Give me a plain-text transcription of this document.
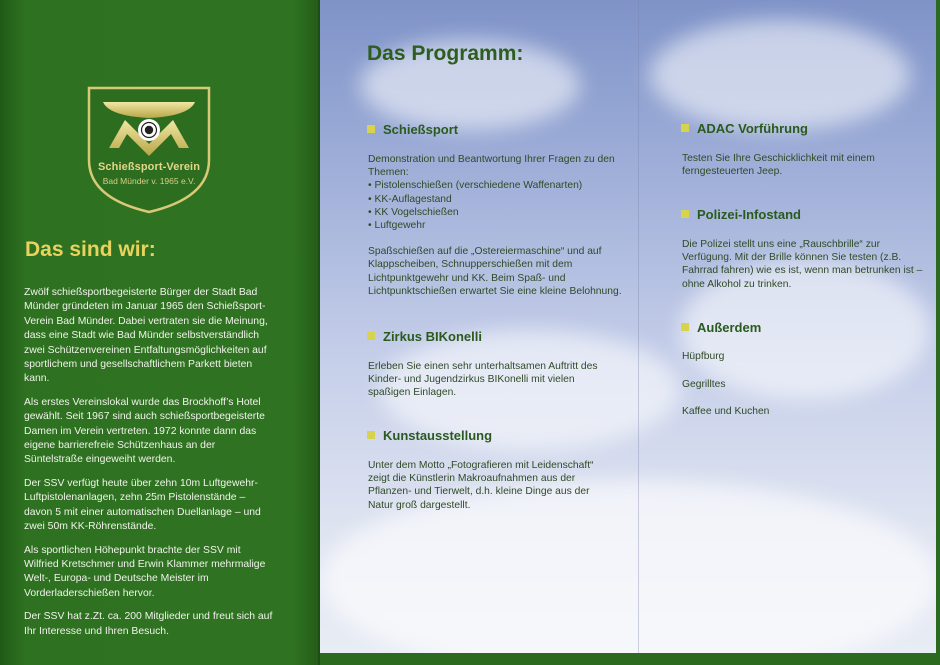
Schießsport-Verein
Bad Münder v. 1965 e.V.
Das sind wir:

Zwölf schießsportbegeisterte Bürger der Stadt Bad Münder gründeten im Januar 1965 den Schießsport-Verein Bad Münder. Dabei vertraten sie die Meinung, dass eine Stadt wie Bad Münder selbstverständlich zwei Schützenvereinen Entfaltungsmöglichkeiten auf sportlichem und gesellschaftlichem Parkett bieten kann.

Als erstes Vereinslokal wurde das Brockhoff’s Hotel gewählt. Seit 1967 sind auch schießsportbegeisterte Damen im Verein vertreten. 1972 konnte dann das eigene barrierefreie Schützenhaus an der Süntelstraße eingeweiht werden.

Der SSV verfügt heute über zehn 10m Luftgewehr-Luftpistolenanlagen, zehn 25m Pistolenstände – davon 5 mit einer automatischen Duellanlage – und zwei 50m KK-Röhrenstände.

Als sportlichen Höhepunkt brachte der SSV mit Wilfried Kretschmer und Erwin Klammer mehrmalige Welt-, Europa- und Deutsche Meister im Vorderladerschießen hervor.

Der SSV hat z.Zt. ca. 200 Mitglieder und freut sich auf Ihr Interesse und Ihren Besuch.

Das Programm:
Schießsport

Demonstration und Beantwortung Ihrer Fragen zu den Themen:

• Pistolenschießen (verschiedene Waffenarten)
• KK-Auflagestand
• KK Vogelschießen
• Luftgewehr

Spaßschießen auf die „Ostereiermaschine“ und auf Klappscheiben, Schnupperschießen mit dem Lichtpunktgewehr und KK. Beim Spaß- und Lichtpunktschießen erwartet Sie eine kleine Belohnung.

Zirkus BIKonelli
Erleben Sie einen sehr unterhaltsamen Auftritt des Kinder- und Jugendzirkus BIKonelli mit vielen spaßigen Einlagen.
Kunstausstellung
Unter dem Motto „Fotografieren mit Leidenschaft“ zeigt die Künstlerin Makroaufnahmen aus der Pflanzen- und Tierwelt, d.h. kleine Dinge aus der Natur groß dargestellt.
ADAC Vorführung
Testen Sie Ihre Geschicklichkeit mit einem ferngesteuerten Jeep.
Polizei-Infostand
Die Polizei stellt uns eine „Rauschbrille“ zur Verfügung. Mit der Brille können Sie testen (z.B. Fahrrad fahren) wie es ist, wenn man betrunken ist – ohne Alkohol zu trinken.
Außerdem
Hüpfburg
Gegrilltes
Kaffee und Kuchen
